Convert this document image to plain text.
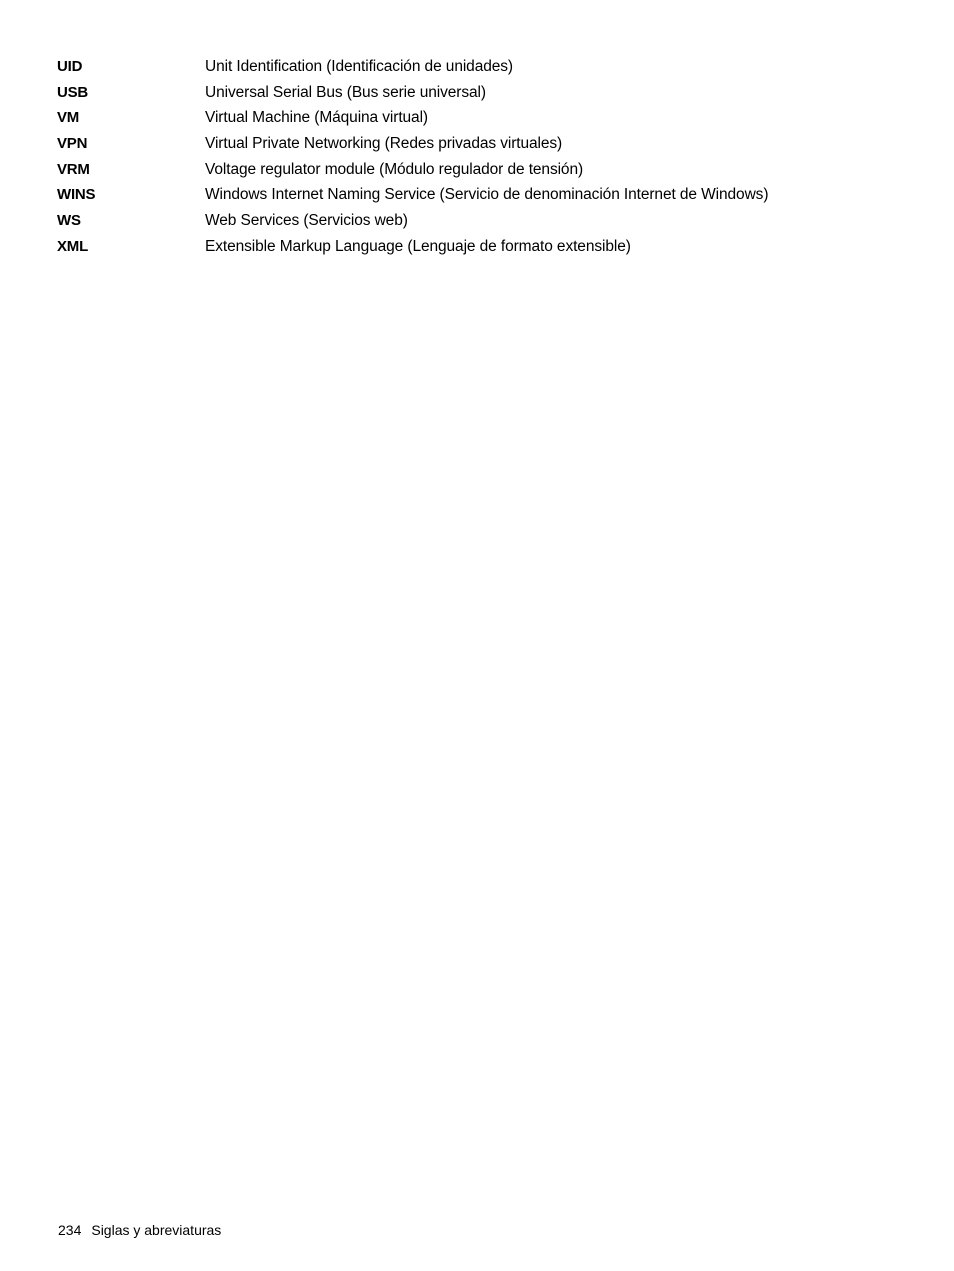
UID	Unit Identification (Identificación de unidades)
USB	Universal Serial Bus (Bus serie universal)
VM	Virtual Machine (Máquina virtual)
VPN	Virtual Private Networking (Redes privadas virtuales)
VRM	Voltage regulator module (Módulo regulador de tensión)
WINS	Windows Internet Naming Service (Servicio de denominación Internet de Windows)
WS	Web Services (Servicios web)
XML	Extensible Markup Language (Lenguaje de formato extensible)
234 Siglas y abreviaturas
